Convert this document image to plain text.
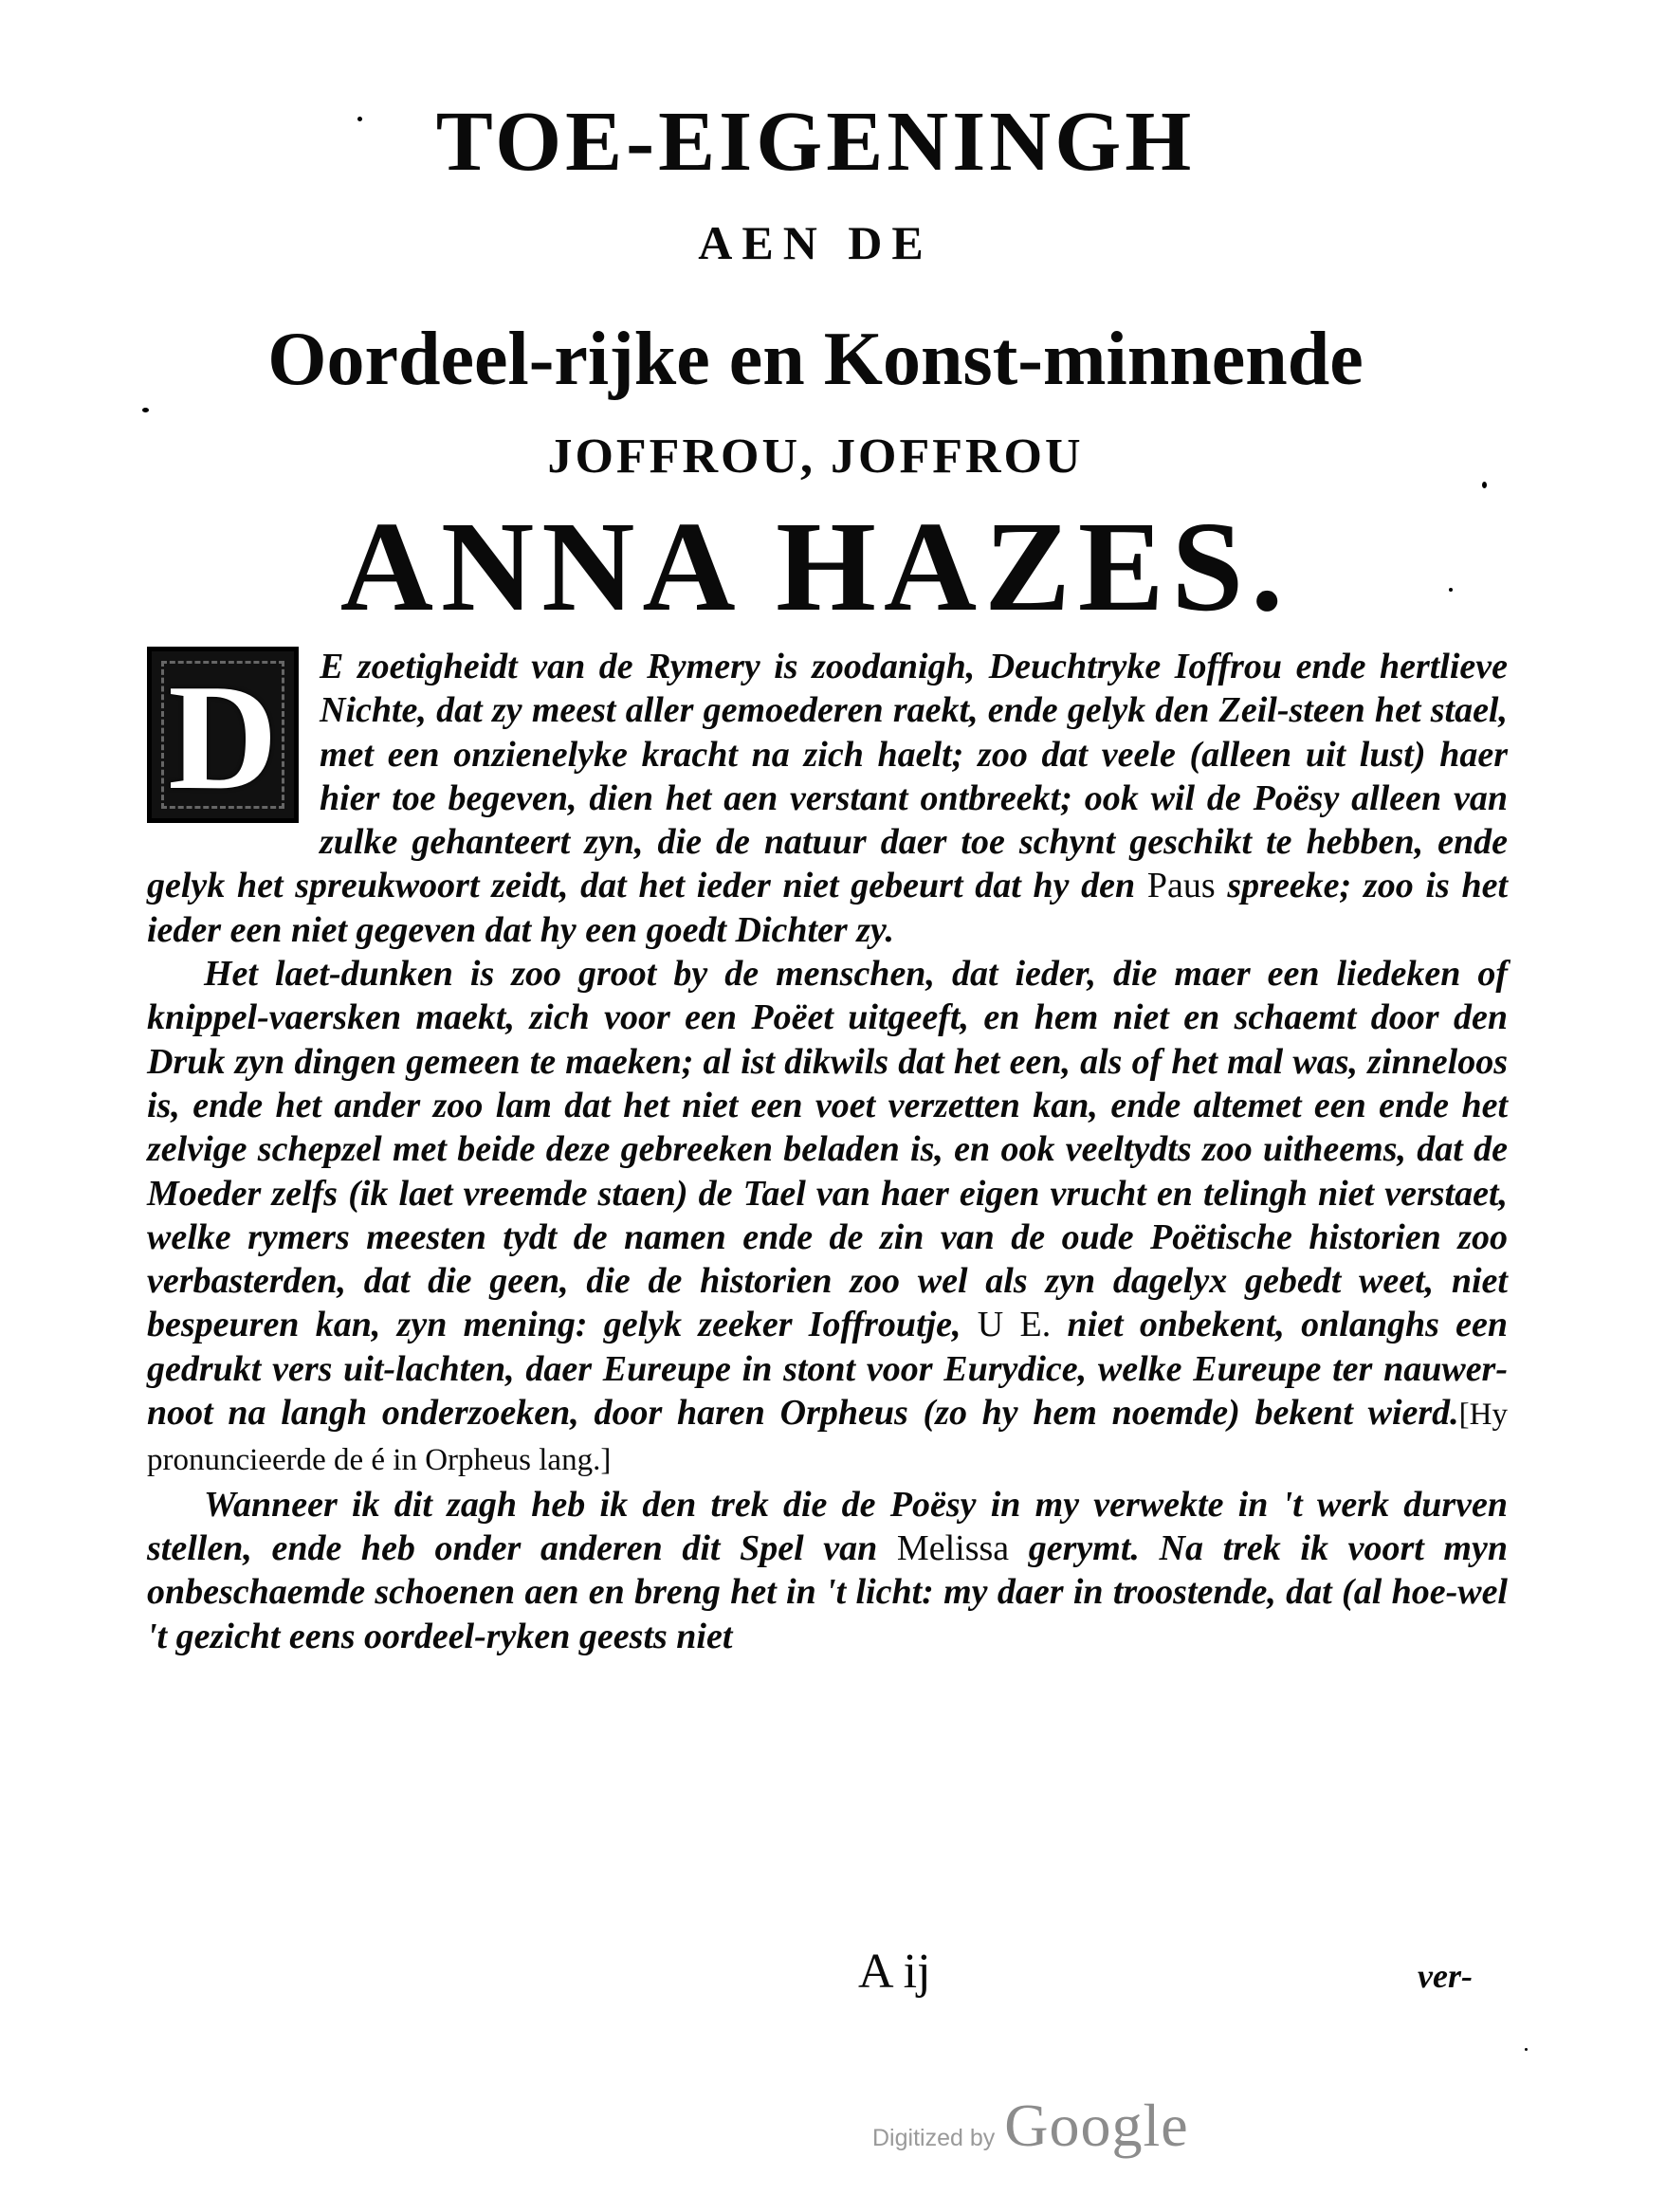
TOE-EIGENINGH
AEN DE
Oordeel-rijke en Konst-minnende
JOFFROU, JOFFROU
ANNA HAZES.
D	E zoetigheidt van de Rymery is zoodanigh, Deuchtryke Ioffrou ende hertlieve Nichte, dat zy meest aller gemoederen raekt, ende gelyk den Zeil-steen het stael, met een onzienelyke kracht na zich haelt; zoo dat veele (alleen uit lust) haer hier toe begeven, dien het aen verstant ontbreekt; ook wil de Poësy alleen van zulke gehanteert zyn, die de natuur daer toe schynt geschikt te hebben, ende gelyk het spreukwoort zeidt, dat het ieder niet gebeurt dat hy den Paus spreeke; zoo is het ieder een niet gegeven dat hy een goedt Dichter zy.

Het laet-dunken is zoo groot by de menschen, dat ieder, die maer een liedeken of knippel-vaersken maekt, zich voor een Poëet uitgeeft, en hem niet en schaemt door den Druk zyn dingen gemeen te maeken; al ist dikwils dat het een, als of het mal was, zinneloos is, ende het ander zoo lam dat het niet een voet verzetten kan, ende altemet een ende het zelvige schepzel met beide deze gebreeken beladen is, en ook veeltydts zoo uitheems, dat de Moeder zelfs (ik laet vreemde staen) de Tael van haer eigen vrucht en telingh niet verstaet, welke rymers meesten tydt de namen ende de zin van de oude Poëtische historien zoo verbasterden, dat die geen, die de historien zoo wel als zyn dagelyx gebedt weet, niet bespeuren kan, zyn mening: gelyk zeeker Ioffroutje, U E. niet onbekent, onlanghs een gedrukt vers uit-lachten, daer Eureupe in stont voor Eurydice, welke Eureupe ter nauwer-noot na langh onderzoeken, door haren Orpheus (zo hy hem noemde) bekent wierd.[Hy pronuncieerde de é in Orpheus lang.]

Wanneer ik dit zagh heb ik den trek die de Poësy in my verwekte in 't werk durven stellen, ende heb onder anderen dit Spel van Melissa gerymt. Na trek ik voort myn onbeschaemde schoenen aen en breng het in 't licht: my daer in troostende, dat (al hoe-wel 't gezicht eens oordeel-ryken geests niet

A ij	ver-
Digitized by Google
